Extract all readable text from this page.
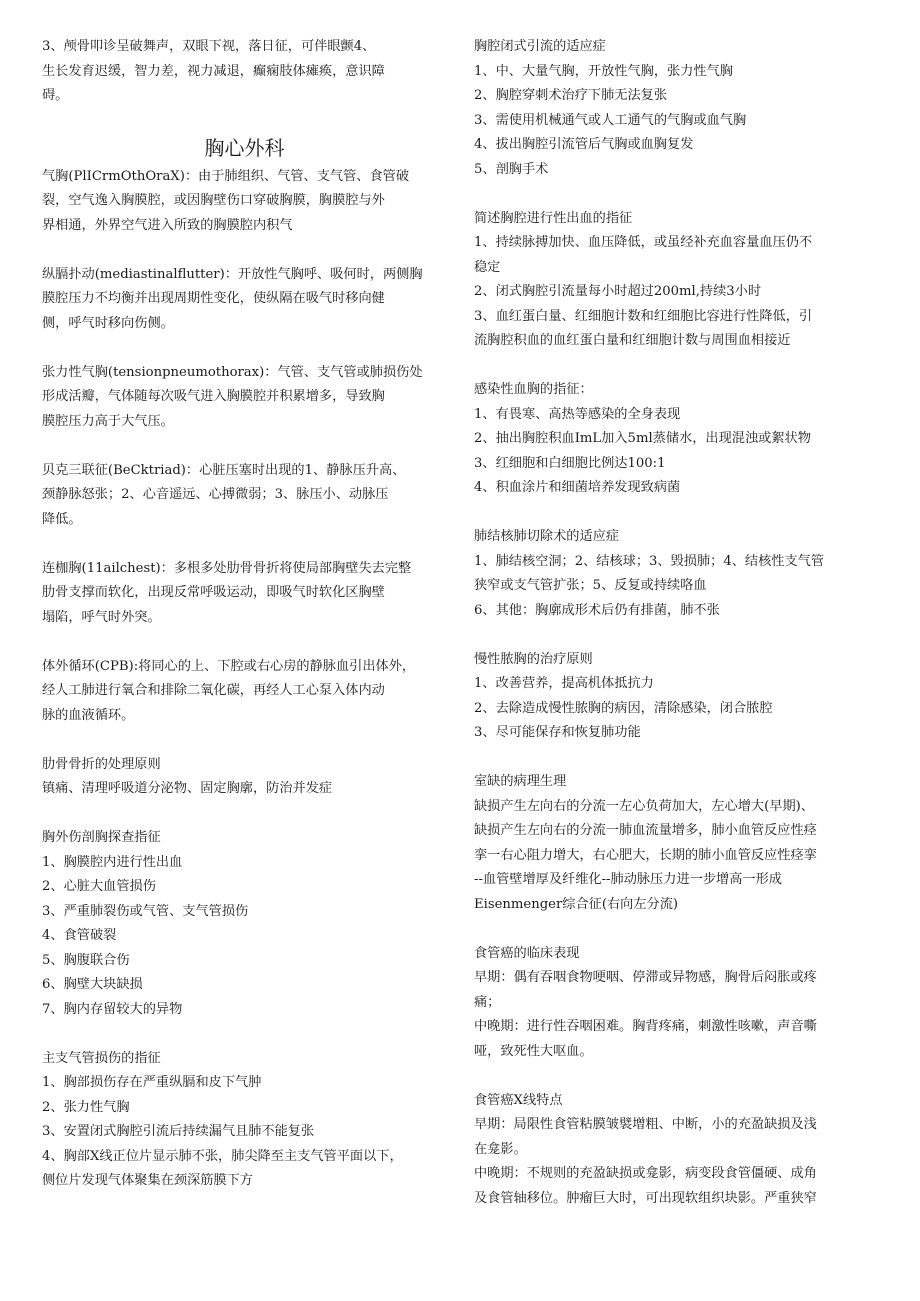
3、颅骨叩诊呈破舞声，双眼下视，落日征，可伴眼颤4、
生长发育迟缓，智力差，视力减退，癫痫肢体瘫痪，意识障
碍。
胸心外科
气胸(PlICrmOthOraX)：由于肺组织、气管、支气管、食管破
裂，空气逸入胸膜腔，或因胸壁伤口穿破胸膜，胸膜腔与外
界相通，外界空气进入所致的胸膜腔内积气
纵膈扑动(mediastinalflutter)：开放性气胸呼、吸何时，两侧胸
膜腔压力不均衡并出现周期性变化，使纵隔在吸气时移向健
侧，呼气时移向伤侧。
张力性气胸(tensionpneumothorax)：气管、支气管或肺损伤处
形成活瓣，气体随每次吸气进入胸膜腔并积累增多，导致胸
膜腔压力高于大气压。
贝克三联征(BeCktriad)：心脏压塞时出现的1、静脉压升高、
颈静脉怒张；2、心音遥远、心搏微弱；3、脉压小、动脉压
降低。
连枷胸(11ailchest)：多根多处肋骨骨折将使局部胸壁失去完整
肋骨支撑而软化，出现反常呼吸运动，即吸气时软化区胸壁
塌陷，呼气时外突。
体外循环(CPB):将同心的上、下腔或右心房的静脉血引出体外，
经人工肺进行氧合和排除二氧化碳，再经人工心泵入体内动
脉的血液循环。
肋骨骨折的处理原则
镇痛、清理呼吸道分泌物、固定胸廓，防治并发症
胸外伤剖胸探查指征
1、胸膜腔内进行性出血
2、心脏大血管损伤
3、严重肺裂伤或气管、支气管损伤
4、食管破裂
5、胸腹联合伤
6、胸壁大块缺损
7、胸内存留较大的异物
主支气管损伤的指征
1、胸部损伤存在严重纵膈和皮下气肿
2、张力性气胸
3、安置闭式胸腔引流后持续漏气且肺不能复张
4、胸部X线正位片显示肺不张，肺尖降至主支气管平面以下，
侧位片发现气体聚集在颈深筋膜下方
胸腔闭式引流的适应症
1、中、大量气胸，开放性气胸，张力性气胸
2、胸腔穿刺术治疗下肺无法复张
3、需使用机械通气或人工通气的气胸或血气胸
4、拔出胸腔引流管后气胸或血胸复发
5、剖胸手术
简述胸腔进行性出血的指征
1、持续脉搏加快、血压降低，或虽经补充血容量血压仍不
稳定
2、闭式胸腔引流量每小时超过200ml,持续3小时
3、血红蛋白量、红细胞计数和红细胞比容进行性降低，引
流胸腔积血的血红蛋白量和红细胞计数与周围血相接近
感染性血胸的指征：
1、有畏寒、高热等感染的全身表现
2、抽出胸腔积血ImL加入5ml蒸储水，出现混浊或絮状物
3、红细胞和白细胞比例达100:1
4、积血涂片和细菌培养发现致病菌
肺结核肺切除术的适应症
1、肺结核空洞；2、结核球；3、毁损肺；4、结核性支气管
狭窄或支气管扩张；5、反复或持续咯血
6、其他：胸廓成形术后仍有排菌，肺不张
慢性脓胸的治疗原则
1、改善营养，提高机体抵抗力
2、去除造成慢性脓胸的病因，清除感染，闭合脓腔
3、尽可能保存和恢复肺功能
室缺的病理生理
缺损产生左向右的分流一左心负荷加大，左心增大(早期)、
缺损产生左向右的分流一肺血流量增多，肺小血管反应性痉
挛一右心阻力增大，右心肥大，长期的肺小血管反应性痉挛
--血管壁增厚及纤维化--肺动脉压力进一步增高一形成
Eisenmenger综合征(右向左分流)
食管癌的临床表现
早期：偶有吞咽食物哽咽、停滞或异物感，胸骨后闷胀或疼
痛；
中晚期：进行性吞咽困难。胸背疼痛，刺激性咳嗽，声音嘶
哑，致死性大呕血。
食管癌X线特点
早期：局限性食管粘膜皱襞增粗、中断，小的充盈缺损及浅
在龛影。
中晚期：不规则的充盈缺损或龛影，病变段食管僵硬、成角
及食管轴移位。肿瘤巨大时，可出现软组织块影。严重狭窄
